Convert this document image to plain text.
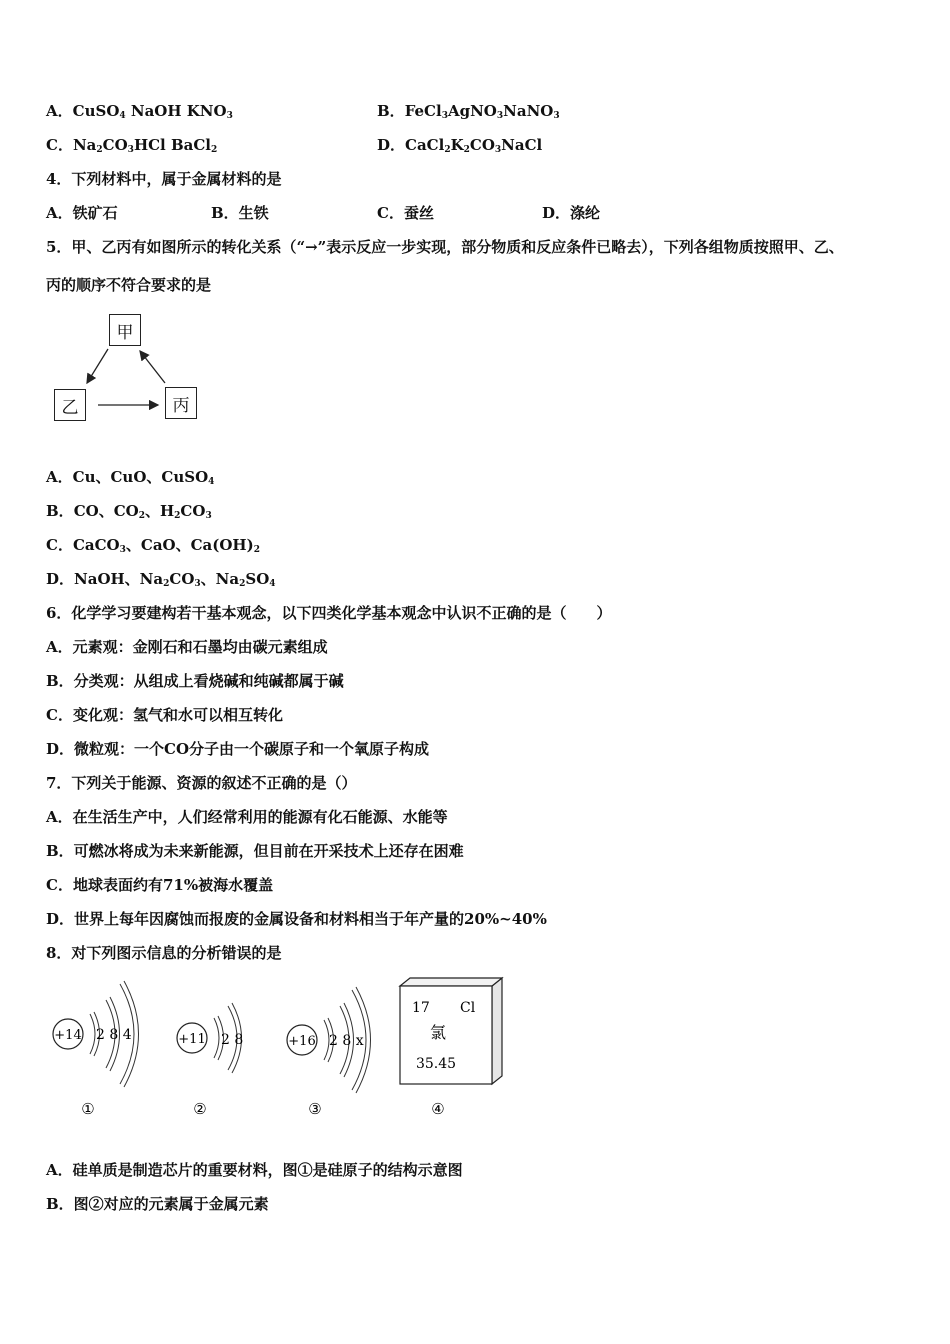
A．CuSO$_4$ NaOH $KNO_3$	B．FeCl$_3$AgNO$_3$NaNO$_3$
C．$Na_2CO_3HCl$ BaCl$_2$	D．$CaCl_2K_2CO_3NaCl$
4．下列材料中，属于金属材料的是
A．铁矿石	B．生铁	C．蚕丝	D．涤纶
5．甲、乙丙有如图所示的转化关系（“→”表示反应一步实现，部分物质和反应条件已略去），下列各组物质按照甲、乙、
丙的顺序不符合要求的是
甲
乙	丙
A．Cu、CuO、CuSO$_4$
B．CO、$CO_2$、$H_2CO_3$
C．CaCO$_3$、CaO、$Ca(OH)_2$
D．NaOH、$Na_2CO_3$、$Na_2SO_4$
6．化学学习要建构若干基本观念，以下四类化学基本观念中认识不正确的是（　　）
A．元素观：金刚石和石墨均由碳元素组成
B．分类观：从组成上看烧碱和纯碱都属于碱
C．变化观：氢气和水可以相互转化
D．微粒观：一个CO分子由一个碳原子和一个氧原子构成
7．下列关于能源、资源的叙述不正确的是（）
A．在生活生产中，人们经常利用的能源有化石能源、水能等
B．可燃冰将成为未来新能源，但目前在开采技术上还存在困难
C．地球表面约有71%被海水覆盖
D．世界上每年因腐蚀而报废的金属设备和材料相当于年产量的20%~40%
8．对下列图示信息的分析错误的是
+14 2 8 4
①
+11 2 8
②
+16 2 8 x
③
17 Cl
氯
35.45
④
A．硅单质是制造芯片的重要材料，图①是硅原子的结构示意图
B．图②对应的元素属于金属元素
